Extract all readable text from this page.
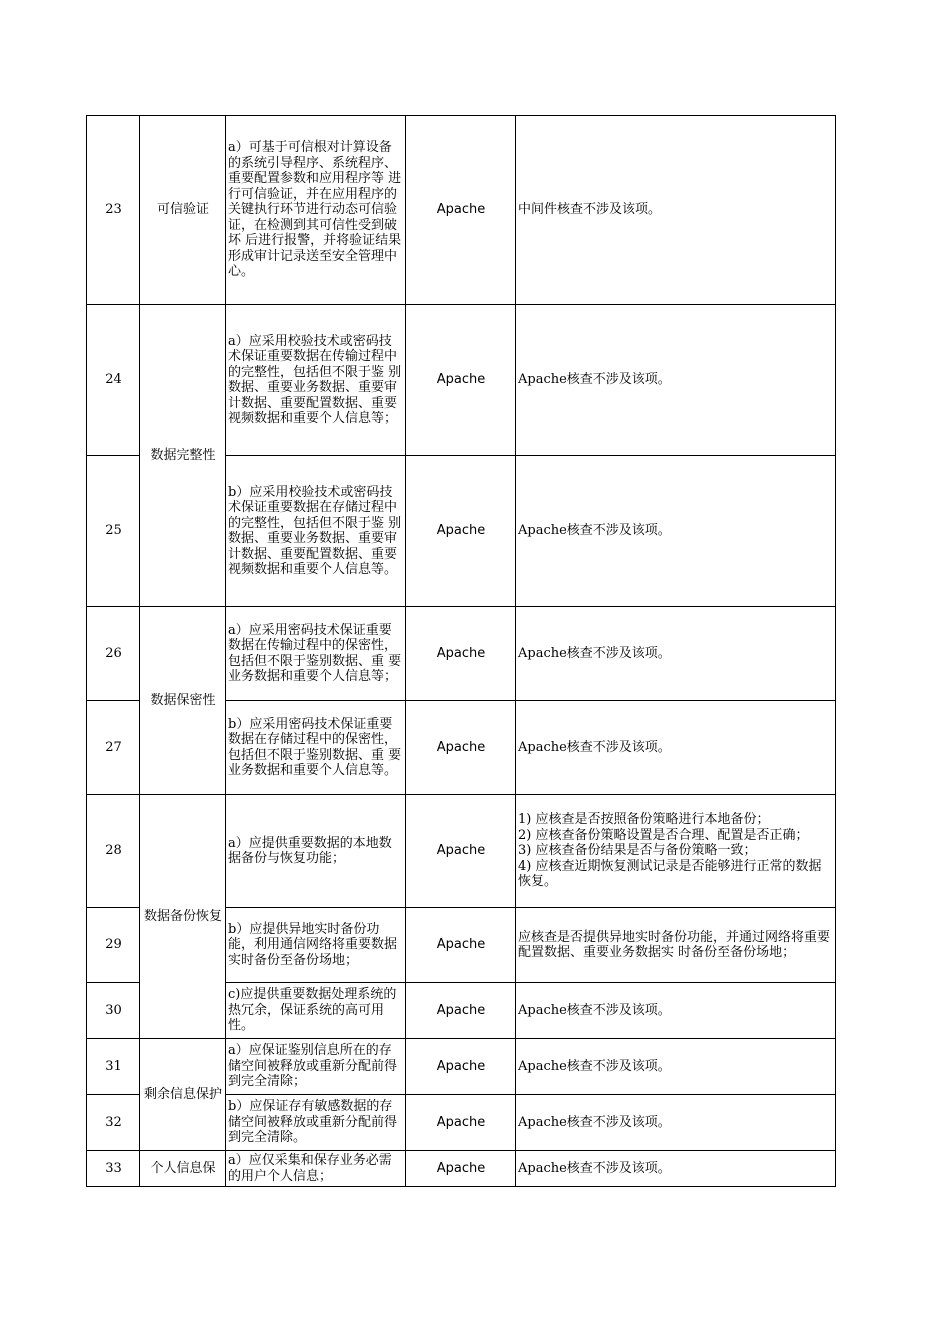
23	可信验证	a）可基于可信根对计算设备的系统引导程序、系统程序、重要配置参数和应用程序等 进行可信验证，并在应用程序的关键执行环节进行动态可信验证，在检测到其可信性受到破坏 后进行报警，并将验证结果形成审计记录送至安全管理中心。	Apache	中间件核查不涉及该项。
24	数据完整性	a）应采用校验技术或密码技术保证重要数据在传输过程中的完整性，包括但不限于鉴 别数据、重要业务数据、重要审计数据、重要配置数据、重要视频数据和重要个人信息等；	Apache	Apache核查不涉及该项。
25		b）应采用校验技术或密码技术保证重要数据在存储过程中的完整性，包括但不限于鉴 别数据、重要业务数据、重要审计数据、重要配置数据、重要视频数据和重要个人信息等。	Apache	Apache核查不涉及该项。
26	数据保密性	a）应采用密码技术保证重要数据在传输过程中的保密性，包括但不限于鉴别数据、重 要业务数据和重要个人信息等；	Apache	Apache核查不涉及该项。
27		b）应采用密码技术保证重要数据在存储过程中的保密性，包括但不限于鉴别数据、重 要业务数据和重要个人信息等。	Apache	Apache核查不涉及该项。
28	数据备份恢复	a）应提供重要数据的本地数据备份与恢复功能；	Apache	1) 应核查是否按照备份策略进行本地备份；
2) 应核查备份策略设置是否合理、配置是否正确；
3) 应核查备份结果是否与备份策略一致；
4) 应核查近期恢复测试记录是否能够进行正常的数据恢复。

29		b）应提供异地实时备份功能，利用通信网络将重要数据实时备份至备份场地；	Apache	应核查是否提供异地实时备份功能，并通过网络将重要配置数据、重要业务数据实 时备份至备份场地；
30		c)应提供重要数据处理系统的热冗余，保证系统的高可用性。	Apache	Apache核查不涉及该项。
31	剩余信息保护	a）应保证鉴别信息所在的存储空间被释放或重新分配前得到完全清除；	Apache	Apache核查不涉及该项。
32		b）应保证存有敏感数据的存储空间被释放或重新分配前得到完全清除。	Apache	Apache核查不涉及该项。
33	个人信息保	a）应仅采集和保存业务必需的用户个人信息；	Apache	Apache核查不涉及该项。
